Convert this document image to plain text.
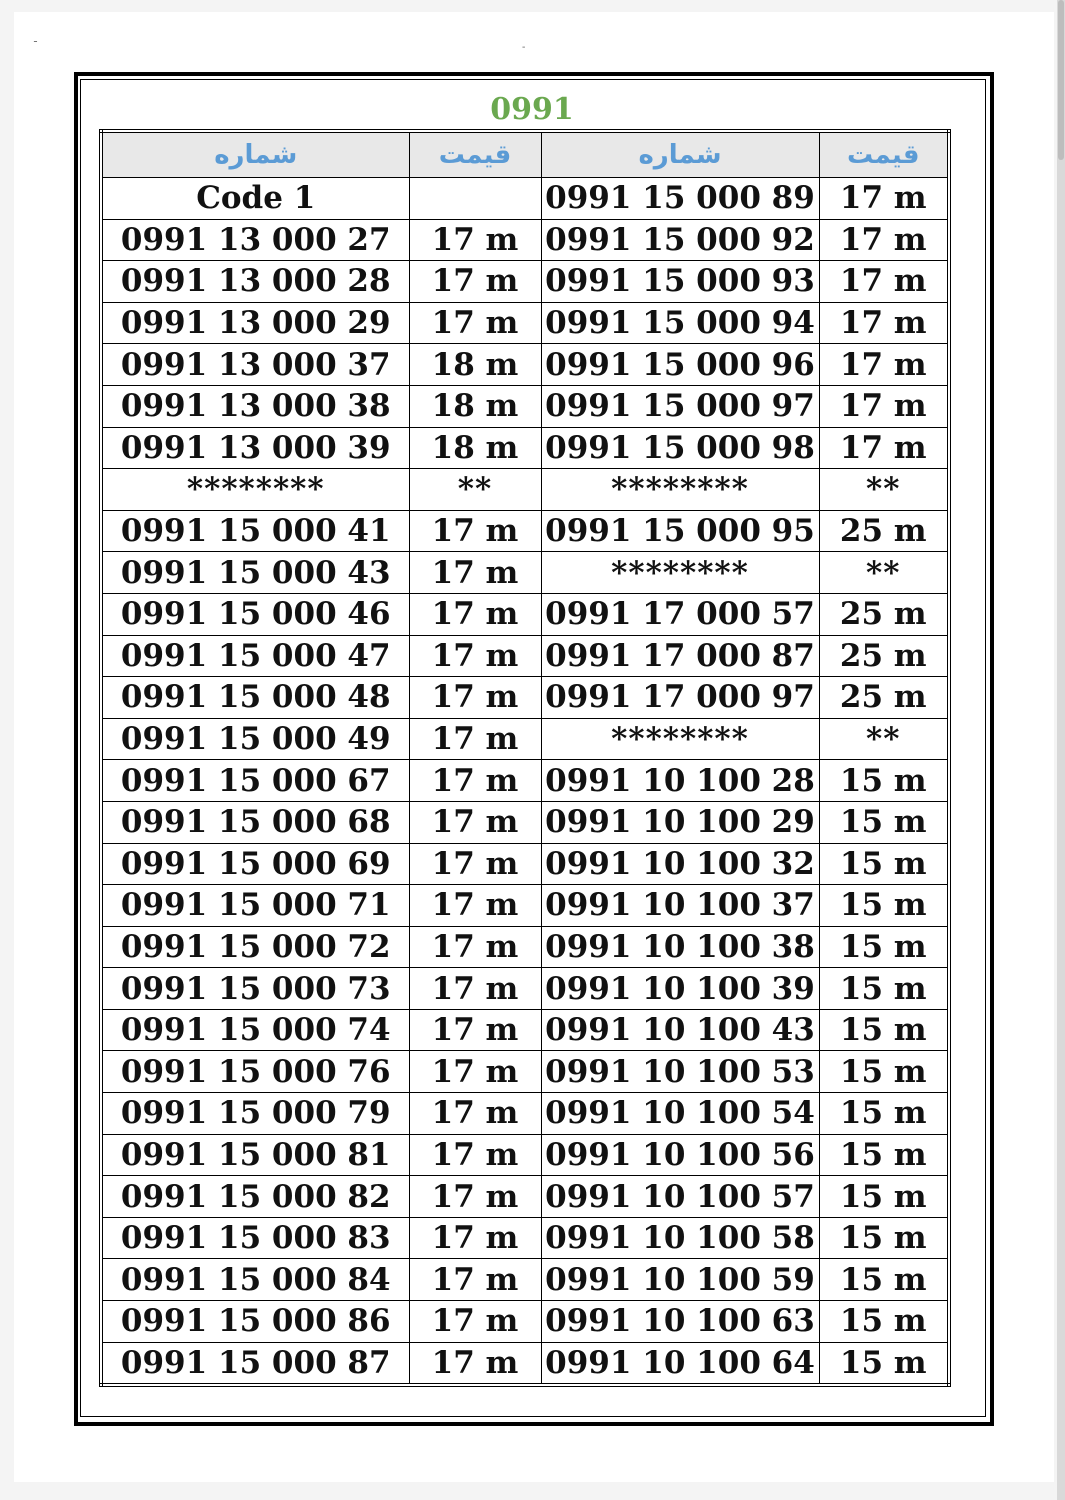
ـ
-
0991
شماره	قیمت	شماره	قیمت
Code 1		0991 15 000 89	17 m
0991 13 000 27	17 m	0991 15 000 92	17 m
0991 13 000 28	17 m	0991 15 000 93	17 m
0991 13 000 29	17 m	0991 15 000 94	17 m
0991 13 000 37	18 m	0991 15 000 96	17 m
0991 13 000 38	18 m	0991 15 000 97	17 m
0991 13 000 39	18 m	0991 15 000 98	17 m
********	**	********	**
0991 15 000 41	17 m	0991 15 000 95	25 m
0991 15 000 43	17 m	********	**
0991 15 000 46	17 m	0991 17 000 57	25 m
0991 15 000 47	17 m	0991 17 000 87	25 m
0991 15 000 48	17 m	0991 17 000 97	25 m
0991 15 000 49	17 m	********	**
0991 15 000 67	17 m	0991 10 100 28	15 m
0991 15 000 68	17 m	0991 10 100 29	15 m
0991 15 000 69	17 m	0991 10 100 32	15 m
0991 15 000 71	17 m	0991 10 100 37	15 m
0991 15 000 72	17 m	0991 10 100 38	15 m
0991 15 000 73	17 m	0991 10 100 39	15 m
0991 15 000 74	17 m	0991 10 100 43	15 m
0991 15 000 76	17 m	0991 10 100 53	15 m
0991 15 000 79	17 m	0991 10 100 54	15 m
0991 15 000 81	17 m	0991 10 100 56	15 m
0991 15 000 82	17 m	0991 10 100 57	15 m
0991 15 000 83	17 m	0991 10 100 58	15 m
0991 15 000 84	17 m	0991 10 100 59	15 m
0991 15 000 86	17 m	0991 10 100 63	15 m
0991 15 000 87	17 m	0991 10 100 64	15 m
